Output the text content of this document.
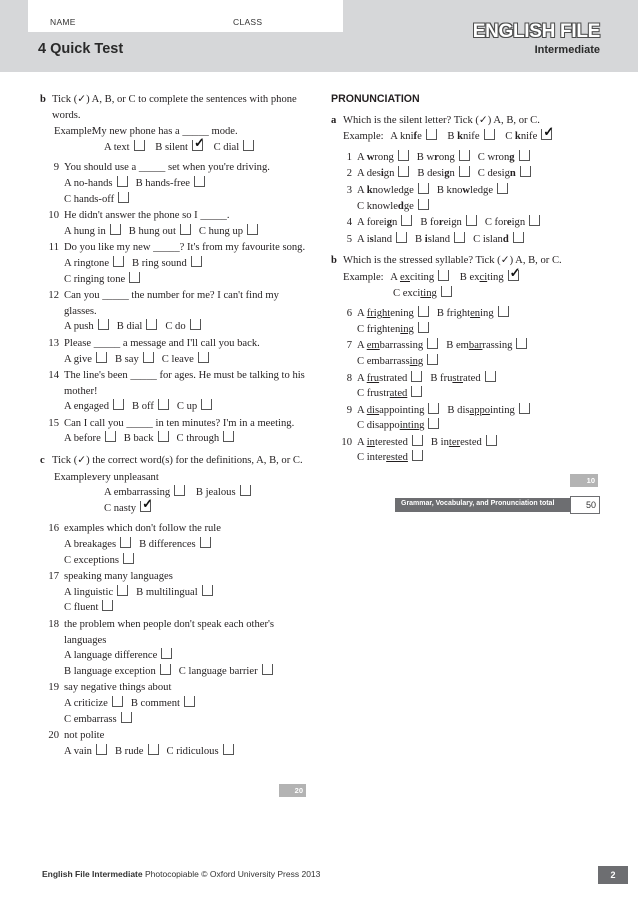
NAME	CLASS
4 Quick Test
ENGLISH FILE
Intermediate
b Tick (✓) A, B, or C to complete the sentences with phone words.
Example:
My new phone has a _____ mode.
A text B silent✓ C dial
9 You should use a _____ set when you're driving.
A no-hands B hands-free
C hands-off
10 He didn't answer the phone so I _____.
A hung in B hung out C hung up
11 Do you like my new _____? It's from my favourite song.
A ringtone B ring sound
C ringing tone
12 Can you _____ the number for me? I can't find my glasses.
A push B dial C do
13 Please _____ a message and I'll call you back.
A give B say C leave
14 The line's been _____ for ages. He must be talking to his mother!
A engaged B off C up
15 Can I call you _____ in ten minutes? I'm in a meeting.
A before B back C through
c Tick (✓) the correct word(s) for the definitions, A, B, or C.
Example:
very unpleasant
A embarrassing B jealous
C nasty✓
16 examples which don't follow the rule
A breakages B differences
C exceptions
17 speaking many languages
A linguistic B multilingual
C fluent
18 the problem when people don't speak each other's languages
A language difference
B language exception C language barrier
19 say negative things about
A criticize B comment
C embarrass
20 not polite
A vain B rude C ridiculous
20
PRONUNCIATION
a Which is the silent letter? Tick (✓) A, B, or C.
Example: A knife B knife C knife✓
1 A wrong B wrong C wrong
2 A design B design C design
3 A knowledge B knowledge
C knowledge
4 A foreign B foreign C foreign
5 A island B island C island
b Which is the stressed syllable? Tick (✓) A, B, or C.
Example: A exciting B exciting✓
C exciting
6 A frightening B frightening
C frightening
7 A embarrassing B embarrassing
C embarrassing
8 A frustrated B frustrated
C frustrated
9 A disappointing B disappointing
C disappointing
10 A interested B interested
C interested
10
Grammar, Vocabulary, and Pronunciation total	50
English File Intermediate Photocopiable © Oxford University Press 2013	2
